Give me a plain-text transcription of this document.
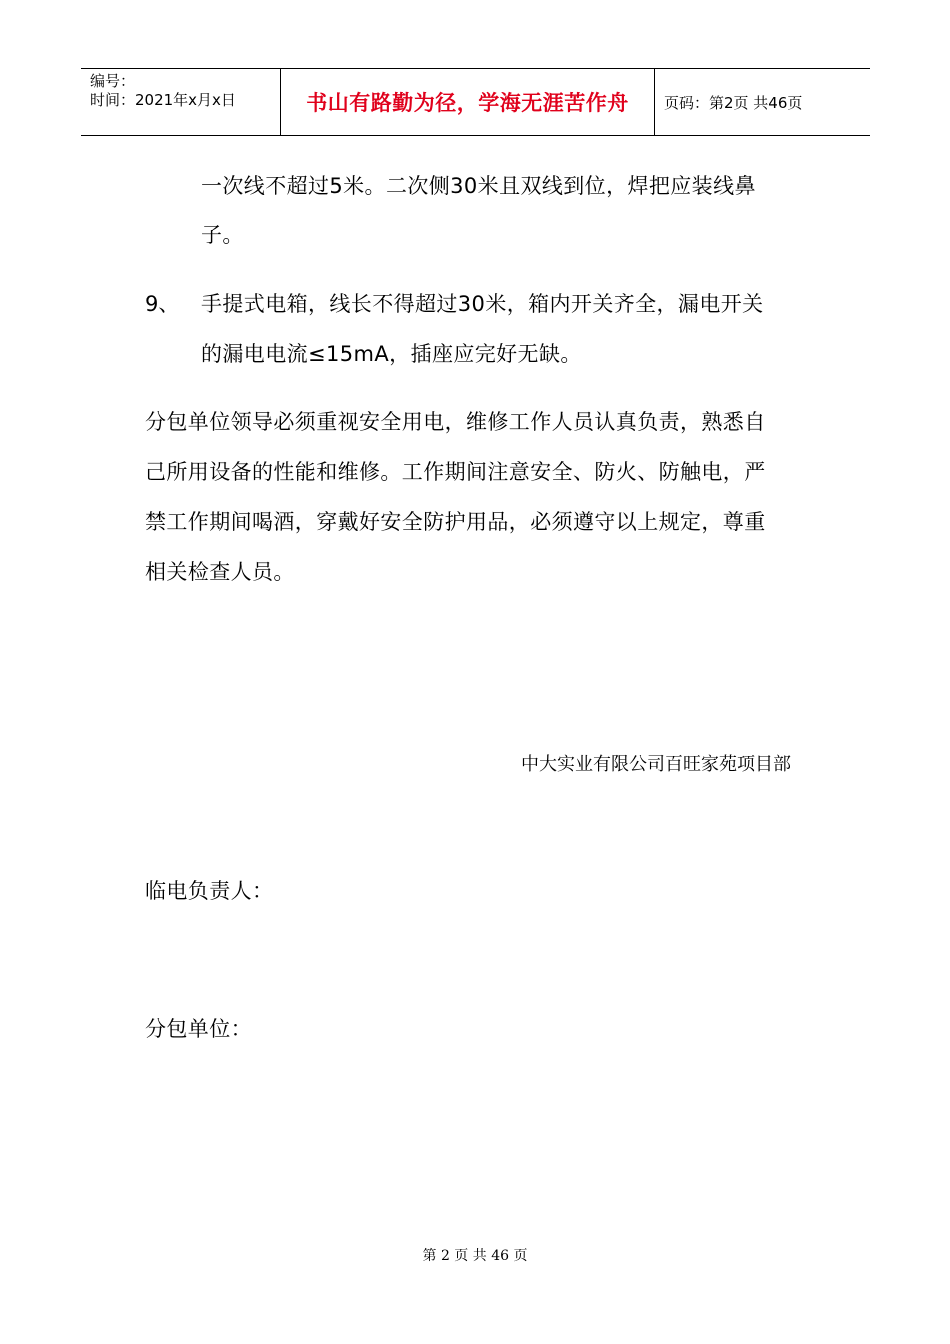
编号：
时间：2021年x月x日	书山有路勤为径，学海无涯苦作舟 页码：第2页 共46页
一次线不超过5米。二次侧30米且双线到位，焊把应装线鼻
子。
9、 手提式电箱，线长不得超过30米，箱内开关齐全，漏电开关
的漏电电流≤15mA，插座应完好无缺。
分包单位领导必须重视安全用电，维修工作人员认真负责，熟悉自
己所用设备的性能和维修。工作期间注意安全、防火、防触电，严
禁工作期间喝酒，穿戴好安全防护用品，必须遵守以上规定，尊重
相关检查人员。
中大实业有限公司百旺家苑项目部
临电负责人：
分包单位：
第 2 页 共 46 页
